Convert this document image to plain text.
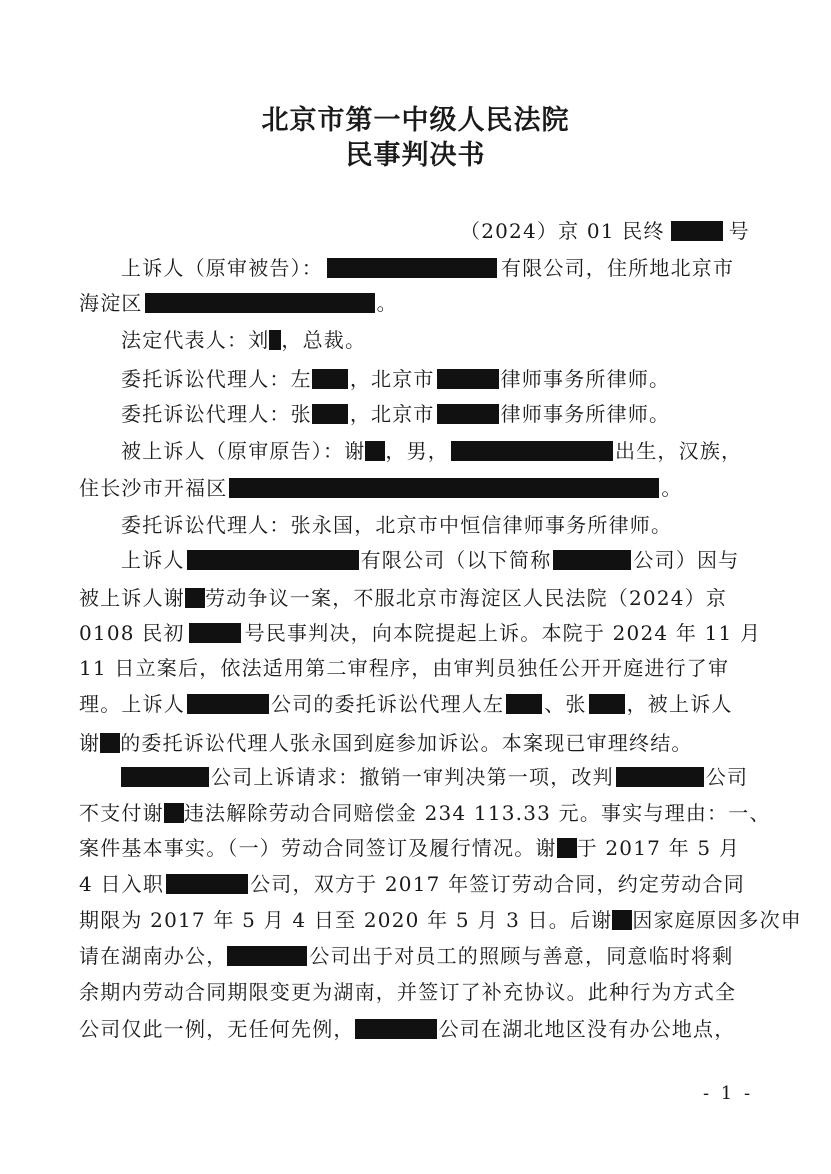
北京市第一中级人民法院
民事判决书
（2024）京 01 民终	号
上诉人（原审被告）：	有限公司，住所地北京市
海淀区	。
法定代表人：刘 ，总裁。
委托诉讼代理人：左 ，北京市	律师事务所律师。
委托诉讼代理人：张 ，北京市	律师事务所律师。
被上诉人（原审原告）：谢 ，男，	出生，汉族，
住长沙市开福区	。
委托诉讼代理人：张永国，北京市中恒信律师事务所律师。
上诉人	有限公司（以下简称	公司）因与
被上诉人谢 劳动争议一案，不服北京市海淀区人民法院（2024）京
0108 民初	号民事判决，向本院提起上诉。本院于 2024 年 11 月
11 日立案后，依法适用第二审程序，由审判员独任公开开庭进行了审
理。上诉人	公司的委托诉讼代理人左 、张 ，被上诉人
谢 的委托诉讼代理人张永国到庭参加诉讼。本案现已审理终结。
公司上诉请求：撤销一审判决第一项，改判	公司
不支付谢 违法解除劳动合同赔偿金 234 113.33 元。事实与理由：一、
案件基本事实。（一）劳动合同签订及履行情况。谢 于 2017 年 5 月
4 日入职	公司，双方于 2017 年签订劳动合同，约定劳动合同
期限为 2017 年 5 月 4 日至 2020 年 5 月 3 日。后谢 因家庭原因多次申
请在湖南办公，	公司出于对员工的照顾与善意，同意临时将剩
余期内劳动合同期限变更为湖南，并签订了补充协议。此种行为方式全
公司仅此一例，无任何先例，	公司在湖北地区没有办公地点，
- 1 -
